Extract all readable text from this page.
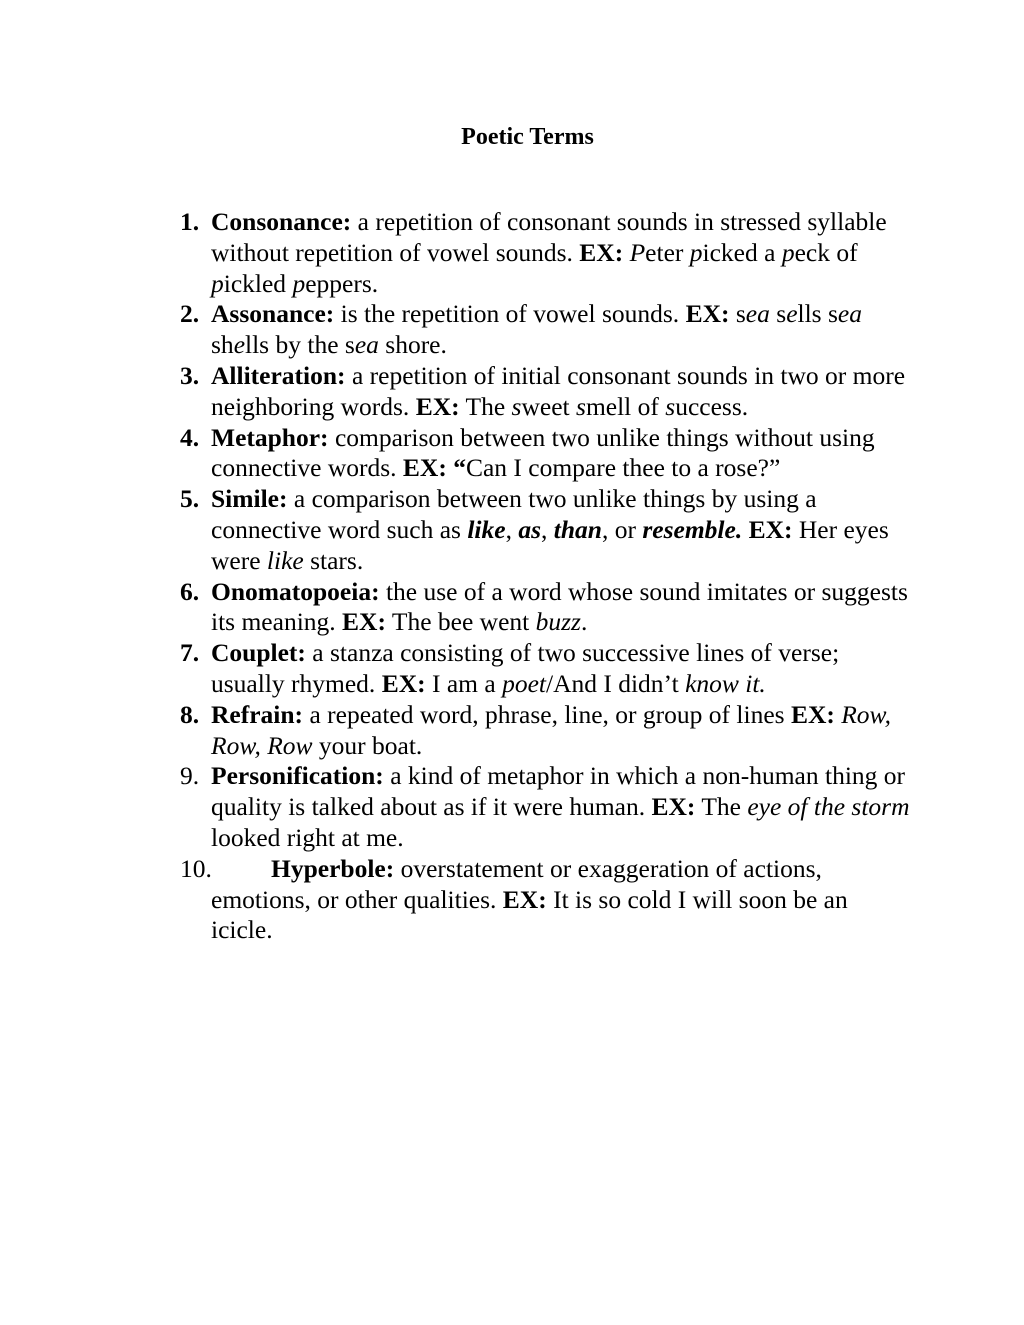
Poetic Terms
1. Consonance: a repetition of consonant sounds in stressed syllable without repetition of vowel sounds. EX: Peter picked a peck of pickled peppers.
2. Assonance: is the repetition of vowel sounds. EX: sea sells sea shells by the sea shore.
3. Alliteration: a repetition of initial consonant sounds in two or more neighboring words. EX: The sweet smell of success.
4. Metaphor: comparison between two unlike things without using connective words. EX: “Can I compare thee to a rose?”
5. Simile: a comparison between two unlike things by using a connective word such as like, as, than, or resemble. EX: Her eyes were like stars.
6. Onomatopoeia: the use of a word whose sound imitates or suggests its meaning. EX: The bee went buzz.
7. Couplet: a stanza consisting of two successive lines of verse; usually rhymed. EX: I am a poet/And I didn’t know it.
8. Refrain: a repeated word, phrase, line, or group of lines EX: Row, Row, Row your boat.
9. Personification: a kind of metaphor in which a non-human thing or quality is talked about as if it were human. EX: The eye of the storm looked right at me.
10. Hyperbole: overstatement or exaggeration of actions, emotions, or other qualities. EX: It is so cold I will soon be an icicle.
